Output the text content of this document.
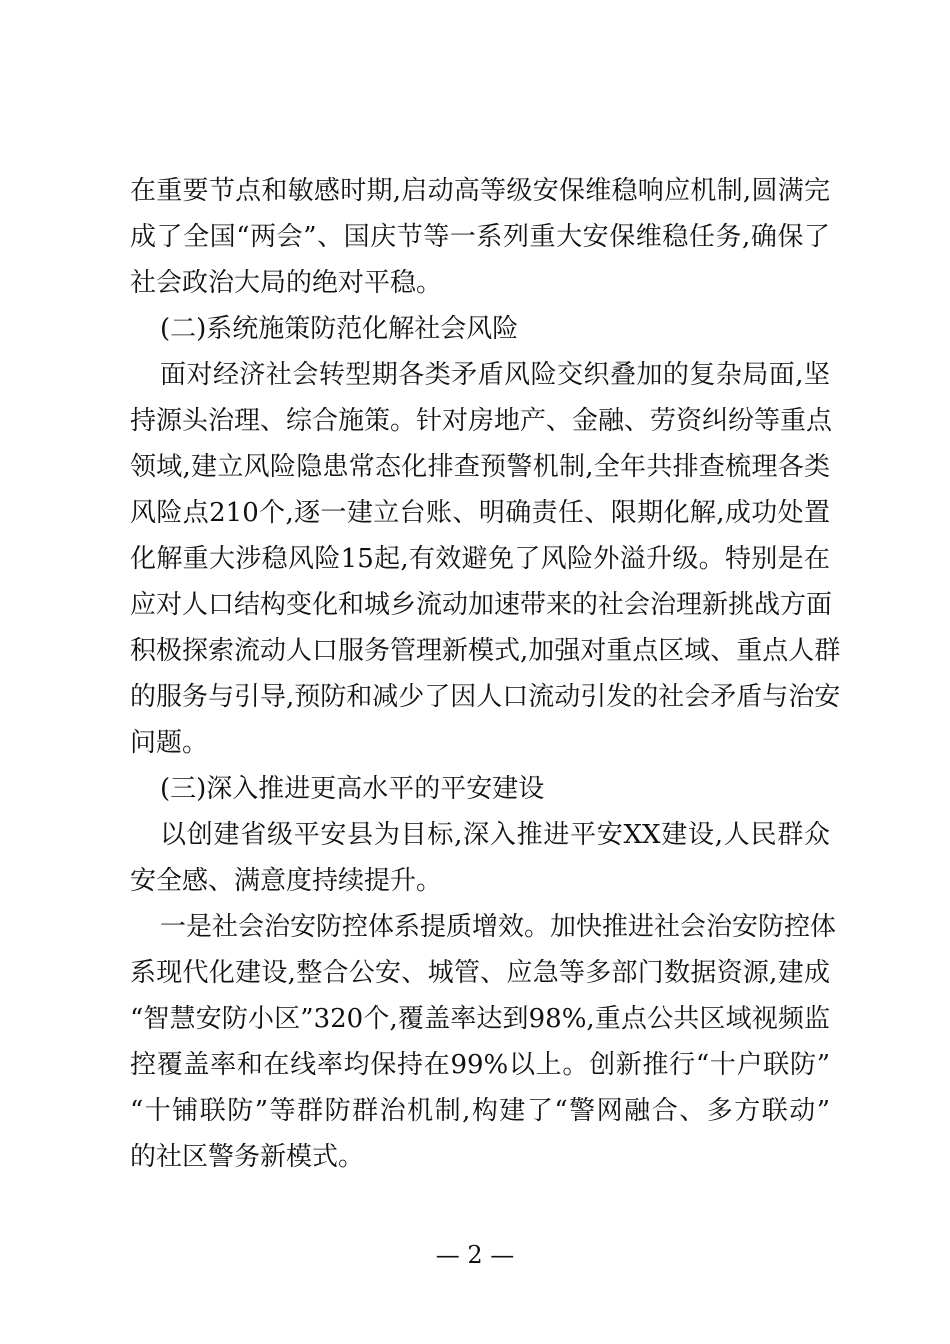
在重要节点和敏感时期,启动高等级安保维稳响应机制,圆满完
成了全国“两会”、国庆节等一系列重大安保维稳任务,确保了
社会政治大局的绝对平稳。
(二)系统施策防范化解社会风险
面对经济社会转型期各类矛盾风险交织叠加的复杂局面,坚
持源头治理、综合施策。针对房地产、金融、劳资纠纷等重点
领域,建立风险隐患常态化排查预警机制,全年共排查梳理各类
风险点210个,逐一建立台账、明确责任、限期化解,成功处置
化解重大涉稳风险15起,有效避免了风险外溢升级。特别是在
应对人口结构变化和城乡流动加速带来的社会治理新挑战方面
积极探索流动人口服务管理新模式,加强对重点区域、重点人群
的服务与引导,预防和减少了因人口流动引发的社会矛盾与治安
问题。
(三)深入推进更高水平的平安建设
以创建省级平安县为目标,深入推进平安XX建设,人民群众
安全感、满意度持续提升。
一是社会治安防控体系提质增效。加快推进社会治安防控体
系现代化建设,整合公安、城管、应急等多部门数据资源,建成
“智慧安防小区”320个,覆盖率达到98%,重点公共区域视频监
控覆盖率和在线率均保持在99%以上。创新推行“十户联防”
“十铺联防”等群防群治机制,构建了“警网融合、多方联动”
的社区警务新模式。
— 2 —
